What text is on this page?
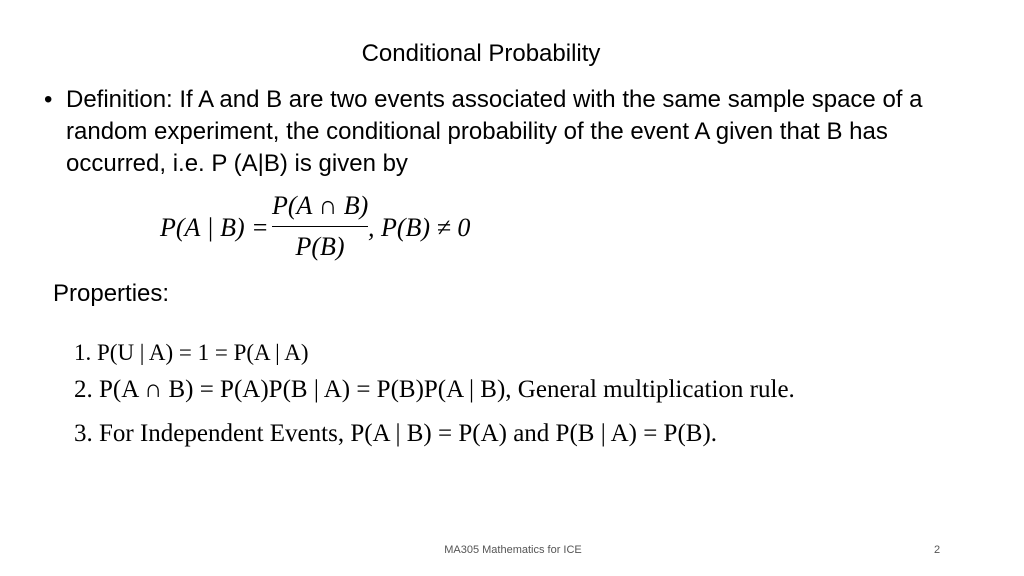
Conditional Probability
• Definition: If A and B are two events associated with the same sample space of a random experiment, the conditional probability of the event A given that B has occurred, i.e. P (A|B) is given by
P(A | B) =
P(A ∩ B)
P(B)
, P(B) ≠ 0
Properties:
1. P(U | A) = 1 = P(A | A)
2. P(A ∩ B) = P(A)P(B | A) = P(B)P(A | B), General multiplication rule.
3. For Independent Events, P(A | B) = P(A) and P(B | A) = P(B).
MA305 Mathematics for ICE	2
